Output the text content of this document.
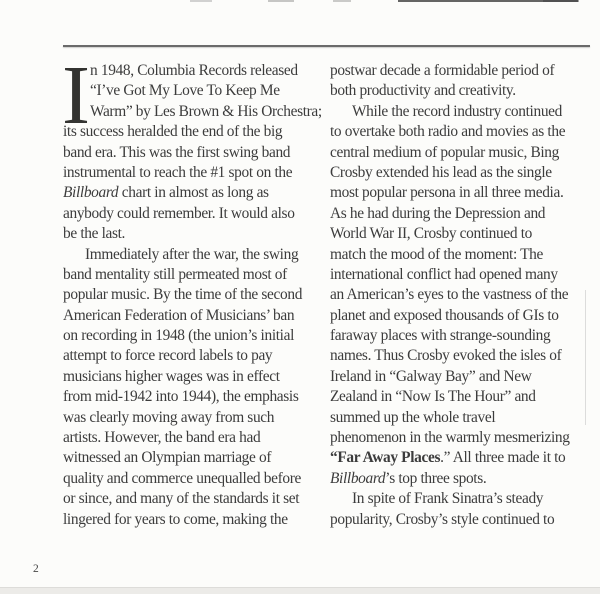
I n 1948, Columbia Records released
“I’ve Got My Love To Keep Me
Warm” by Les Brown & His Orchestra;
its success heralded the end of the big
band era. This was the first swing band
instrumental to reach the #1 spot on the
Billboard chart in almost as long as
anybody could remember. It would also
be the last.
Immediately after the war, the swing
band mentality still permeated most of
popular music. By the time of the second
American Federation of Musicians’ ban
on recording in 1948 (the union’s initial
attempt to force record labels to pay
musicians higher wages was in effect
from mid-1942 into 1944), the emphasis
was clearly moving away from such
artists. However, the band era had
witnessed an Olympian marriage of
quality and commerce unequalled before
or since, and many of the standards it set
lingered for years to come, making the
postwar decade a formidable period of
both productivity and creativity.
While the record industry continued
to overtake both radio and movies as the
central medium of popular music, Bing
Crosby extended his lead as the single
most popular persona in all three media.
As he had during the Depression and
World War II, Crosby continued to
match the mood of the moment: The
international conflict had opened many
an American’s eyes to the vastness of the
planet and exposed thousands of GIs to
faraway places with strange-sounding
names. Thus Crosby evoked the isles of
Ireland in “Galway Bay” and New
Zealand in “Now Is The Hour” and
summed up the whole travel
phenomenon in the warmly mesmerizing
“Far Away Places.” All three made it to
Billboard’s top three spots.
In spite of Frank Sinatra’s steady
popularity, Crosby’s style continued to
2
